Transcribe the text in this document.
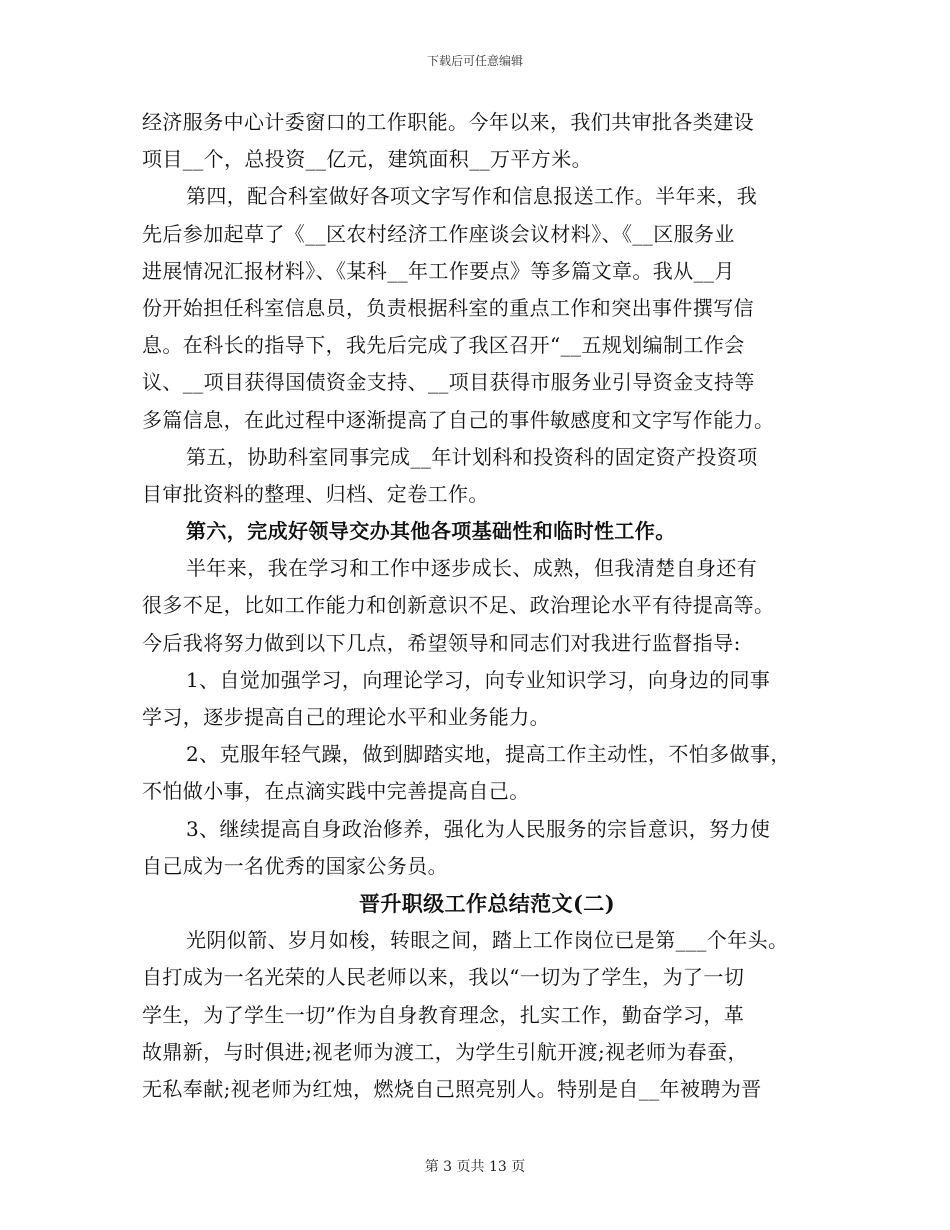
下载后可任意编辑
经济服务中心计委窗口的工作职能。今年以来，我们共审批各类建设
项目__个，总投资__亿元，建筑面积__万平方米。
第四，配合科室做好各项文字写作和信息报送工作。半年来，我
先后参加起草了《__区农村经济工作座谈会议材料》、《__区服务业
进展情况汇报材料》、《某科__年工作要点》等多篇文章。我从__月
份开始担任科室信息员，负责根据科室的重点工作和突出事件撰写信
息。在科长的指导下，我先后完成了我区召开“__五规划编制工作会
议、__项目获得国债资金支持、__项目获得市服务业引导资金支持等
多篇信息，在此过程中逐渐提高了自己的事件敏感度和文字写作能力。
第五，协助科室同事完成__年计划科和投资科的固定资产投资项
目审批资料的整理、归档、定卷工作。
第六，完成好领导交办其他各项基础性和临时性工作。
半年来，我在学习和工作中逐步成长、成熟，但我清楚自身还有
很多不足，比如工作能力和创新意识不足、政治理论水平有待提高等。
今后我将努力做到以下几点，希望领导和同志们对我进行监督指导:
1、自觉加强学习，向理论学习，向专业知识学习，向身边的同事
学习，逐步提高自己的理论水平和业务能力。
2、克服年轻气躁，做到脚踏实地，提高工作主动性，不怕多做事，
不怕做小事，在点滴实践中完善提高自己。
3、继续提高自身政治修养，强化为人民服务的宗旨意识，努力使
自己成为一名优秀的国家公务员。
晋升职级工作总结范文(二)
光阴似箭、岁月如梭，转眼之间，踏上工作岗位已是第___个年头。
自打成为一名光荣的人民老师以来，我以“一切为了学生，为了一切
学生，为了学生一切”作为自身教育理念，扎实工作，勤奋学习，革
故鼎新，与时俱进;视老师为渡工，为学生引航开渡;视老师为春蚕，
无私奉献;视老师为红烛，燃烧自己照亮别人。特别是自__年被聘为晋
第 3 页共 13 页
